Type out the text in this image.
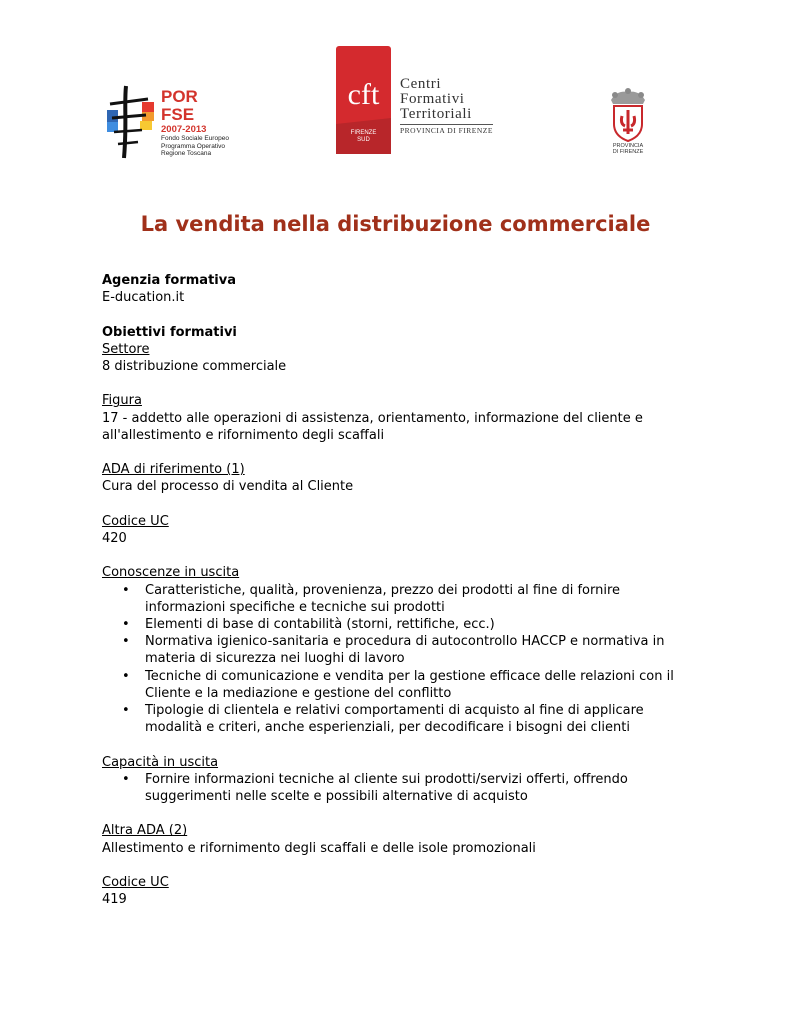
POR FSE
2007-2013
Fondo Sociale Europeo
Programma Operativo
Regione Toscana
cft
FIRENZE
SUD
Centri
Formativi
Territoriali
PROVINCIA DI FIRENZE
PROVINCIA
DI FIRENZE
La vendita nella distribuzione commerciale
Agenzia formativa
E-ducation.it
Obiettivi formativi
Settore
8 distribuzione commerciale
Figura
17 - addetto alle operazioni di assistenza, orientamento, informazione del cliente e all'allestimento e rifornimento degli scaffali
ADA di riferimento (1)
Cura del processo di vendita al Cliente
Codice UC
420
Conoscenze in uscita
• Caratteristiche, qualità, provenienza, prezzo dei prodotti al fine di fornire informazioni specifiche e tecniche sui prodotti
• Elementi di base di contabilità (storni, rettifiche, ecc.)
• Normativa igienico-sanitaria e procedura di autocontrollo HACCP e normativa in materia di sicurezza nei luoghi di lavoro
• Tecniche di comunicazione e vendita per la gestione efficace delle relazioni con il Cliente e la mediazione e gestione del conflitto
• Tipologie di clientela e relativi comportamenti di acquisto al fine di applicare modalità e criteri, anche esperienziali, per decodificare i bisogni dei clienti
Capacità in uscita
• Fornire informazioni tecniche al cliente sui prodotti/servizi offerti, offrendo suggerimenti nelle scelte e possibili alternative di acquisto
Altra ADA (2)
Allestimento e rifornimento degli scaffali e delle isole promozionali
Codice UC
419
